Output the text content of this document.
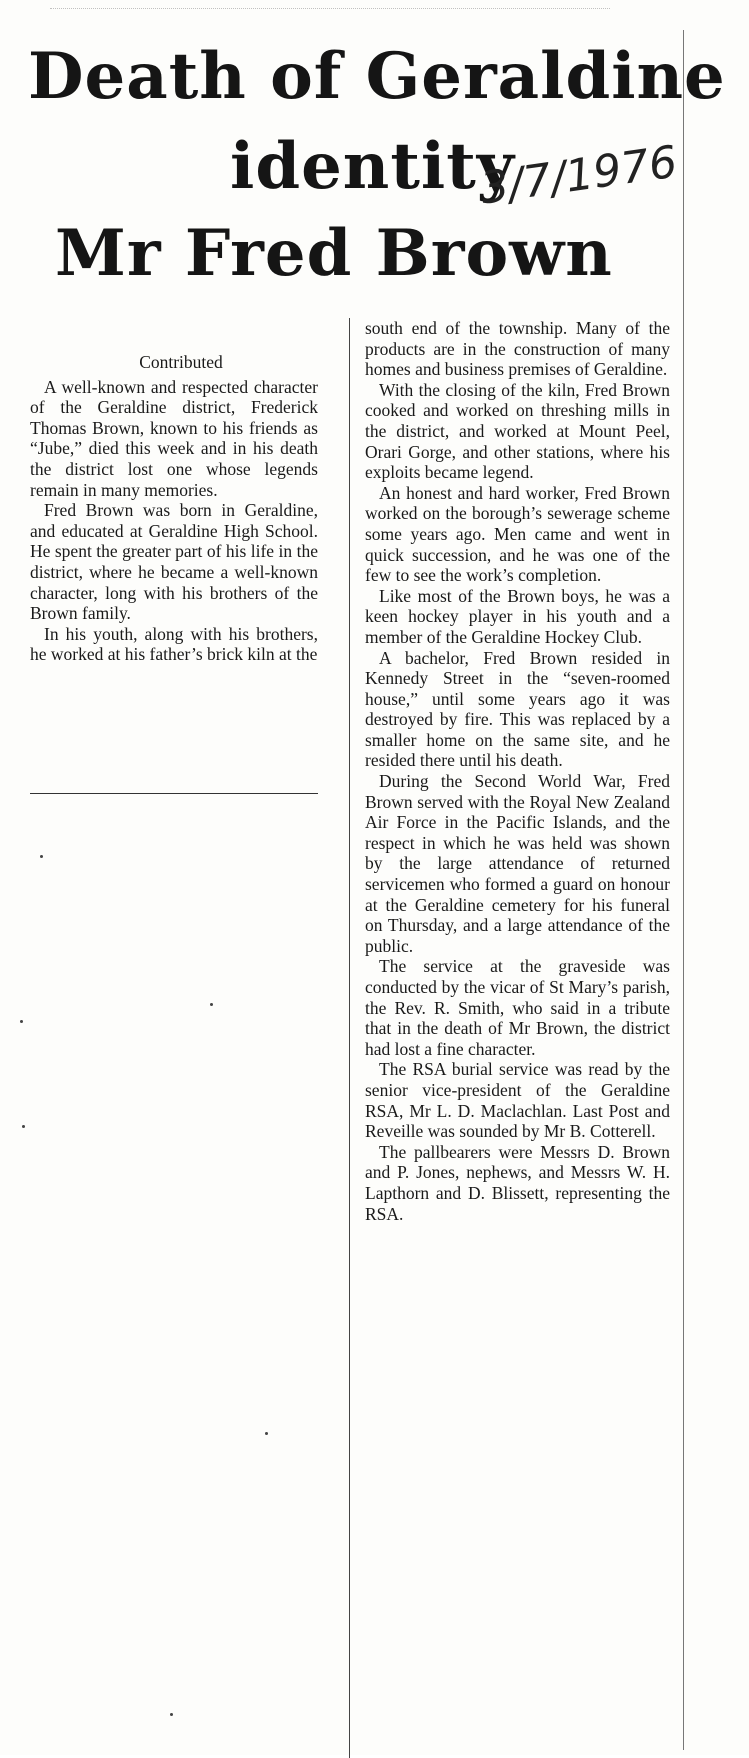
Death of Geraldine
identity
3/7/1976
Mr Fred Brown

Contributed

A well-known and respected character of the Geraldine district, Frederick Thomas Brown, known to his friends as “Jube,” died this week and in his death the district lost one whose legends remain in many memories.

Fred Brown was born in Geraldine, and educated at Geraldine High School. He spent the greater part of his life in the district, where he became a well-known character, long with his brothers of the Brown family.

In his youth, along with his brothers, he worked at his father’s brick kiln at the

south end of the township. Many of the products are in the construction of many homes and business premises of Geraldine.

With the closing of the kiln, Fred Brown cooked and worked on threshing mills in the district, and worked at Mount Peel, Orari Gorge, and other stations, where his exploits became legend.

An honest and hard worker, Fred Brown worked on the borough’s sewerage scheme some years ago. Men came and went in quick succession, and he was one of the few to see the work’s completion.

Like most of the Brown boys, he was a keen hockey player in his youth and a member of the Geraldine Hockey Club.

A bachelor, Fred Brown resided in Kennedy Street in the “seven-roomed house,” until some years ago it was destroyed by fire. This was replaced by a smaller home on the same site, and he resided there until his death.

During the Second World War, Fred Brown served with the Royal New Zealand Air Force in the Pacific Islands, and the respect in which he was held was shown by the large attendance of returned servicemen who formed a guard on honour at the Geraldine cemetery for his funeral on Thursday, and a large attendance of the public.

The service at the graveside was conducted by the vicar of St Mary’s parish, the Rev. R. Smith, who said in a tribute that in the death of Mr Brown, the district had lost a fine character.

The RSA burial service was read by the senior vice-president of the Geraldine RSA, Mr L. D. Maclachlan. Last Post and Reveille was sounded by Mr B. Cotterell.

The pallbearers were Messrs D. Brown and P. Jones, nephews, and Messrs W. H. Lapthorn and D. Blissett, representing the RSA.
